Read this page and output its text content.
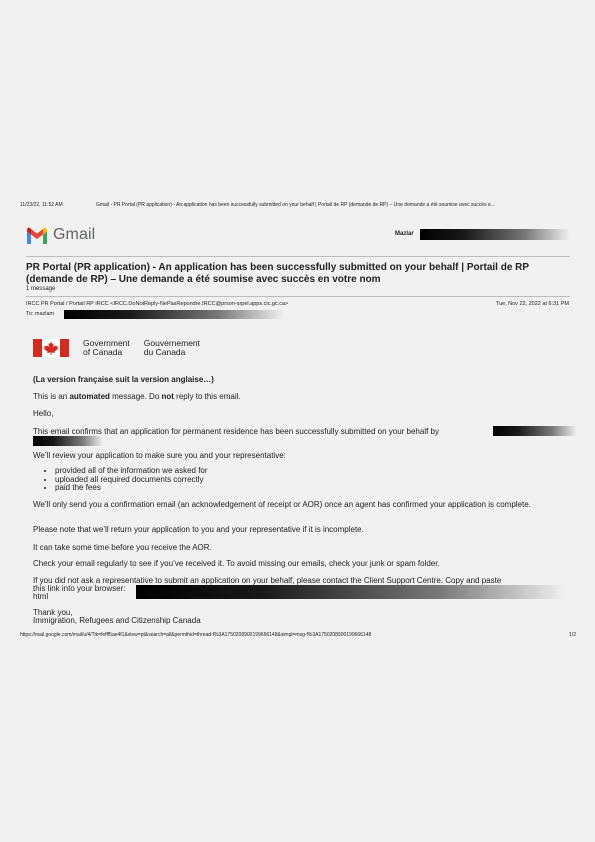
11/23/22, 11:52 AM	Gmail - PR Portal (PR application) - An application has been successfully submitted on your behalf | Portail de RP (demande de RP) – Une demande a été soumise avec succès e...
Gmail	Mazlar
PR Portal (PR application) - An application has been successfully submitted on your behalf | Portail de RP (demande de RP) – Une demande a été soumise avec succès en votre nom
1 message
IRCC PR Portal / Portail RP IRCC <IRCC.DoNotReply-NePasRepondre.IRCC@prson-srpel.apps.cic.gc.ca>	Tue, Nov 22, 2022 at 6:31 PM
To: mazlam
Government
of Canada
Gouvernement
du Canada
(La version française suit la version anglaise…)
This is an automated message. Do not reply to this email.
Hello,
This email confirms that an application for permanent residence has been successfully submitted on your behalf by
We’ll review your application to make sure you and your representative:
• provided all of the information we asked for
• uploaded all required documents correctly
• paid the fees
We’ll only send you a confirmation email (an acknowledgement of receipt or AOR) once an agent has confirmed your application is complete.
Please note that we’ll return your application to you and your representative if it is incomplete.
It can take some time before you receive the AOR.
Check your email regularly to see if you’ve received it. To avoid missing our emails, check your junk or spam folder.
If you did not ask a representative to submit an application on your behalf, please contact the Client Support Centre. Copy and paste
this link into your browser:
html
Thank you,
Immigration, Refugees and Citizenship Canada
https://mail.google.com/mail/u/4/?ik=fefff5ae4f1&view=pt&search=all&permthid=thread-f%3A1750208900199666148&simpl=msg-f%3A1750208900199666148	1/2
